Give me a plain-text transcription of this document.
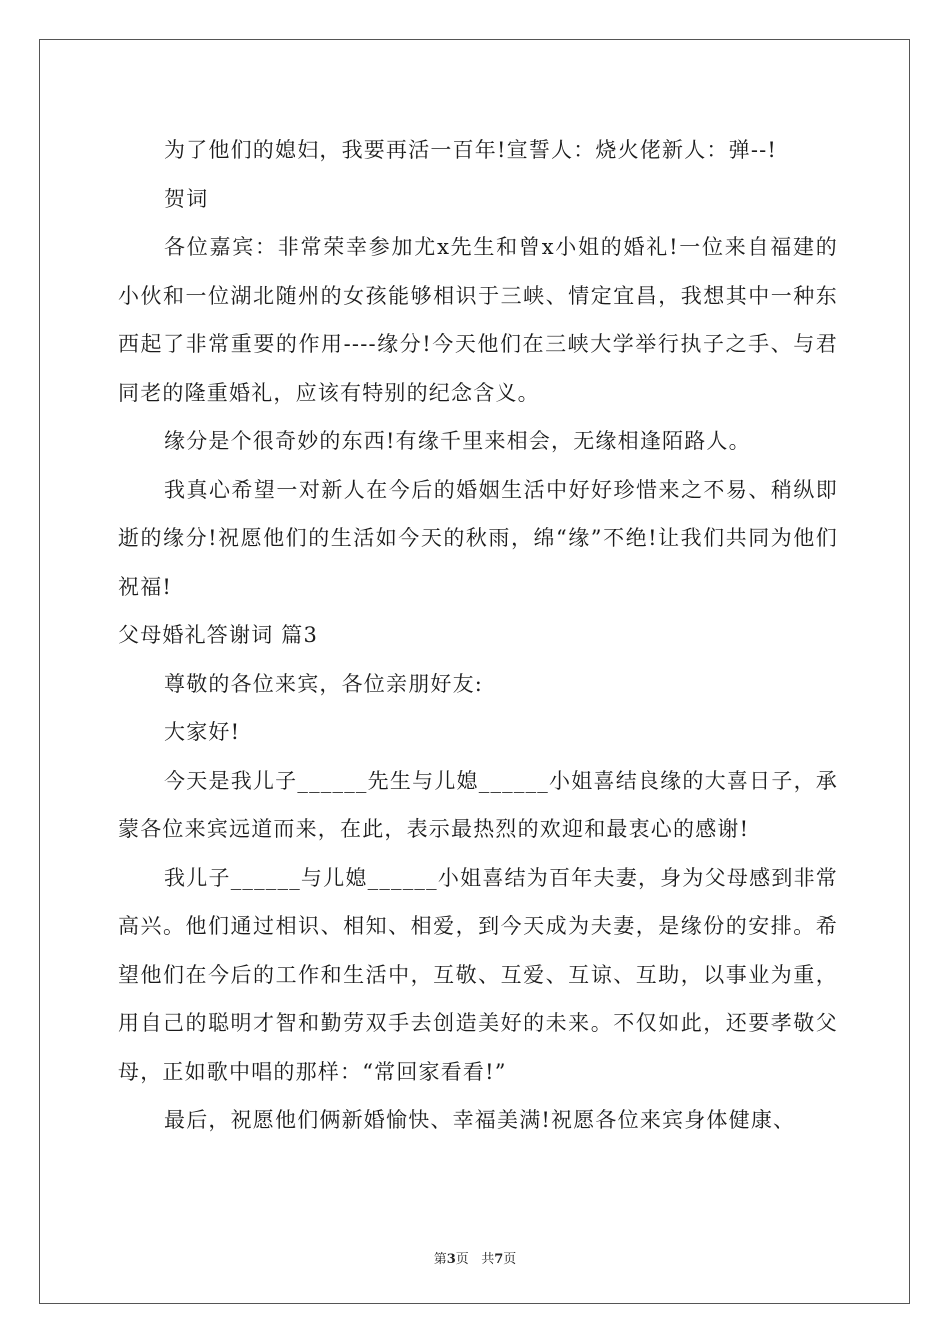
为了他们的媳妇，我要再活一百年!宣誓人：烧火佬新人：弹--!

贺词

各位嘉宾：非常荣幸参加尤x先生和曾x小姐的婚礼!一位来自福建的小伙和一位湖北随州的女孩能够相识于三峡、情定宜昌，我想其中一种东西起了非常重要的作用----缘分!今天他们在三峡大学举行执子之手、与君同老的隆重婚礼，应该有特别的纪念含义。

缘分是个很奇妙的东西!有缘千里来相会，无缘相逢陌路人。

我真心希望一对新人在今后的婚姻生活中好好珍惜来之不易、稍纵即逝的缘分!祝愿他们的生活如今天的秋雨，绵“缘”不绝!让我们共同为他们祝福!

父母婚礼答谢词 篇3

尊敬的各位来宾，各位亲朋好友:

大家好!

今天是我儿子______先生与儿媳______小姐喜结良缘的大喜日子，承蒙各位来宾远道而来，在此，表示最热烈的欢迎和最衷心的感谢!

我儿子______与儿媳______小姐喜结为百年夫妻，身为父母感到非常高兴。他们通过相识、相知、相爱，到今天成为夫妻，是缘份的安排。希望他们在今后的工作和生活中，互敬、互爱、互谅、互助，以事业为重，用自己的聪明才智和勤劳双手去创造美好的未来。不仅如此，还要孝敬父母，正如歌中唱的那样：“常回家看看!”

最后，祝愿他们俩新婚愉快、幸福美满!祝愿各位来宾身体健康、

第3页 共7页
